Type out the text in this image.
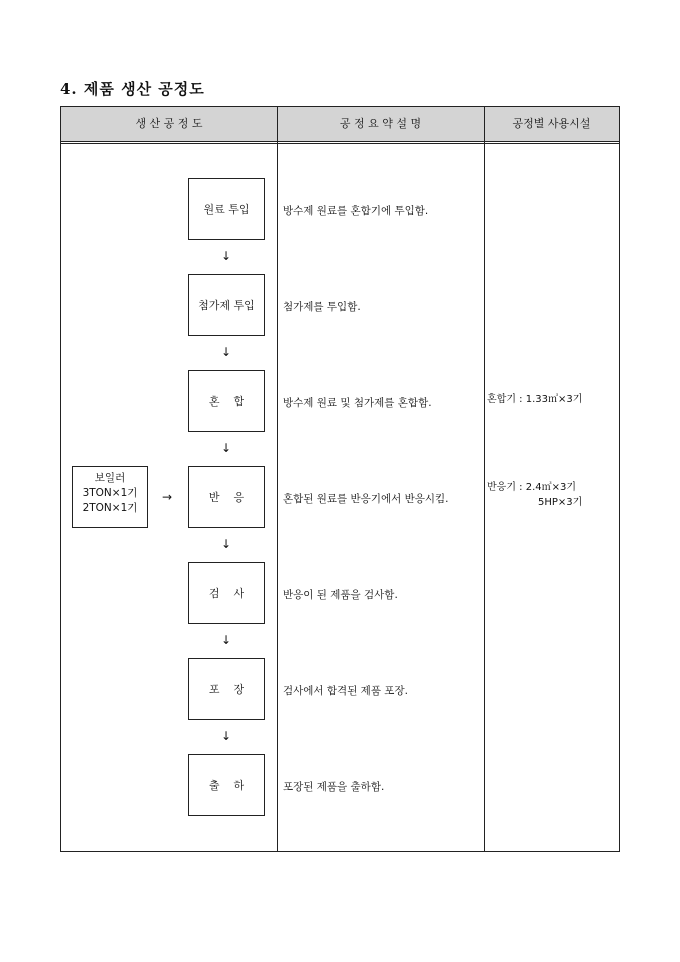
4. 제품 생산 공정도
생 산 공 정 도	공 정 요 약 설 명	공정별 사용시설
원료 투입
↓
첨가제 투입
↓
혼    합
↓
반    응
↓
검    사
↓
포    장
↓
출    하
보일러
3TON×1기
2TON×1기
→
방수제 원료를 혼합기에 투입함.
첨가제를 투입함.
방수제 원료 및 첨가제를 혼합함.
혼합된 원료를 반응기에서 반응시킴.
반응이 된 제품을 검사함.
검사에서 합격된 제품 포장.
포장된 제품을 출하함.
혼합기 : 1.33㎥×3기
반응기 : 2.4㎥×3기
5HP×3기
